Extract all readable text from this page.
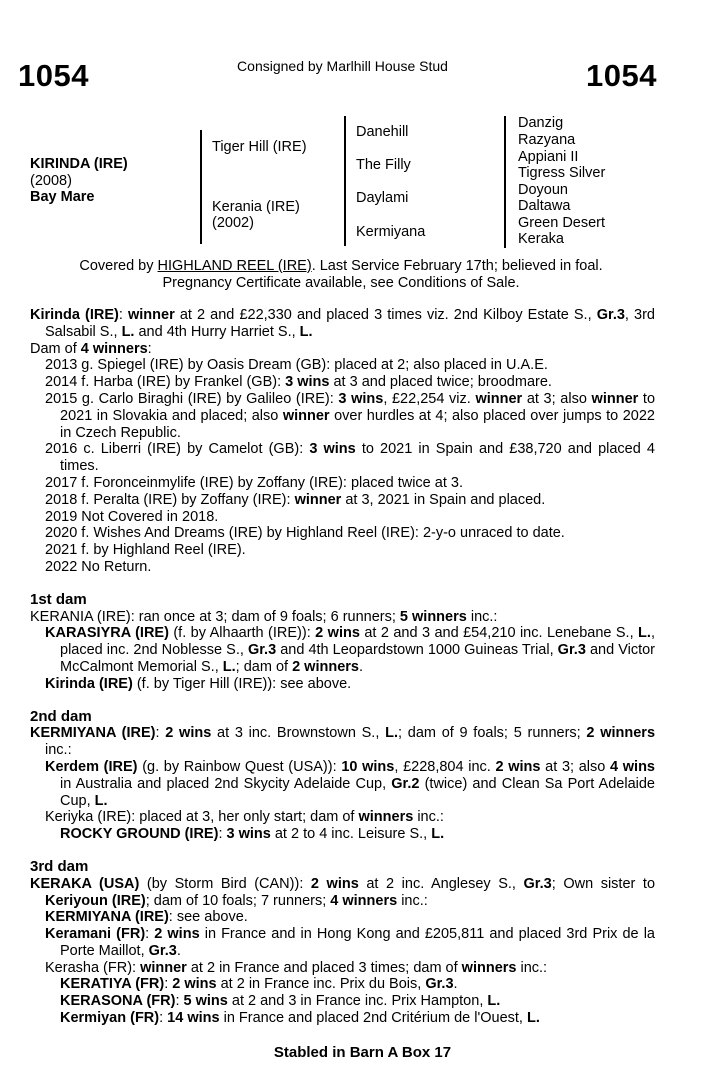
1054	Consigned by Marlhill House Stud	1054
KIRINDA (IRE)
(2008)
Bay Mare
Tiger Hill (IRE)
Kerania (IRE)
(2002)
Danehill
The Filly
Daylami
Kermiyana
Danzig
Razyana
Appiani II
Tigress Silver
Doyoun
Daltawa
Green Desert
Keraka
Covered by HIGHLAND REEL (IRE). Last Service February 17th; believed in foal.
Pregnancy Certificate available, see Conditions of Sale.

Kirinda (IRE): winner at 2 and £22,330 and placed 3 times viz. 2nd Kilboy Estate S., Gr.3, 3rd Salsabil S., L. and 4th Hurry Harriet S., L.

Dam of 4 winners:

2013 g. Spiegel (IRE) by Oasis Dream (GB): placed at 2; also placed in U.A.E.

2014 f. Harba (IRE) by Frankel (GB): 3 wins at 3 and placed twice; broodmare.

2015 g. Carlo Biraghi (IRE) by Galileo (IRE): 3 wins, £22,254 viz. winner at 3; also winner to 2021 in Slovakia and placed; also winner over hurdles at 4; also placed over jumps to 2022 in Czech Republic.

2016 c. Liberri (IRE) by Camelot (GB): 3 wins to 2021 in Spain and £38,720 and placed 4 times.

2017 f. Foronceinmylife (IRE) by Zoffany (IRE): placed twice at 3.

2018 f. Peralta (IRE) by Zoffany (IRE): winner at 3, 2021 in Spain and placed.

2019 Not Covered in 2018.

2020 f. Wishes And Dreams (IRE) by Highland Reel (IRE): 2-y-o unraced to date.

2021 f. by Highland Reel (IRE).

2022 No Return.

1st dam

KERANIA (IRE): ran once at 3; dam of 9 foals; 6 runners; 5 winners inc.:

KARASIYRA (IRE) (f. by Alhaarth (IRE)): 2 wins at 2 and 3 and £54,210 inc. Lenebane S., L., placed inc. 2nd Noblesse S., Gr.3 and 4th Leopardstown 1000 Guineas Trial, Gr.3 and Victor McCalmont Memorial S., L.; dam of 2 winners.

Kirinda (IRE) (f. by Tiger Hill (IRE)): see above.

2nd dam

KERMIYANA (IRE): 2 wins at 3 inc. Brownstown S., L.; dam of 9 foals; 5 runners; 2 winners inc.:

Kerdem (IRE) (g. by Rainbow Quest (USA)): 10 wins, £228,804 inc. 2 wins at 3; also 4 wins in Australia and placed 2nd Skycity Adelaide Cup, Gr.2 (twice) and Clean Sa Port Adelaide Cup, L.

Keriyka (IRE): placed at 3, her only start; dam of winners inc.:

ROCKY GROUND (IRE): 3 wins at 2 to 4 inc. Leisure S., L.

3rd dam

KERAKA (USA) (by Storm Bird (CAN)): 2 wins at 2 inc. Anglesey S., Gr.3; Own sister to Keriyoun (IRE); dam of 10 foals; 7 runners; 4 winners inc.:

KERMIYANA (IRE): see above.

Keramani (FR): 2 wins in France and in Hong Kong and £205,811 and placed 3rd Prix de la Porte Maillot, Gr.3.

Kerasha (FR): winner at 2 in France and placed 3 times; dam of winners inc.:

KERATIYA (FR): 2 wins at 2 in France inc. Prix du Bois, Gr.3.

KERASONA (FR): 5 wins at 2 and 3 in France inc. Prix Hampton, L.

Kermiyan (FR): 14 wins in France and placed 2nd Critérium de l'Ouest, L.

Stabled in Barn A Box 17
